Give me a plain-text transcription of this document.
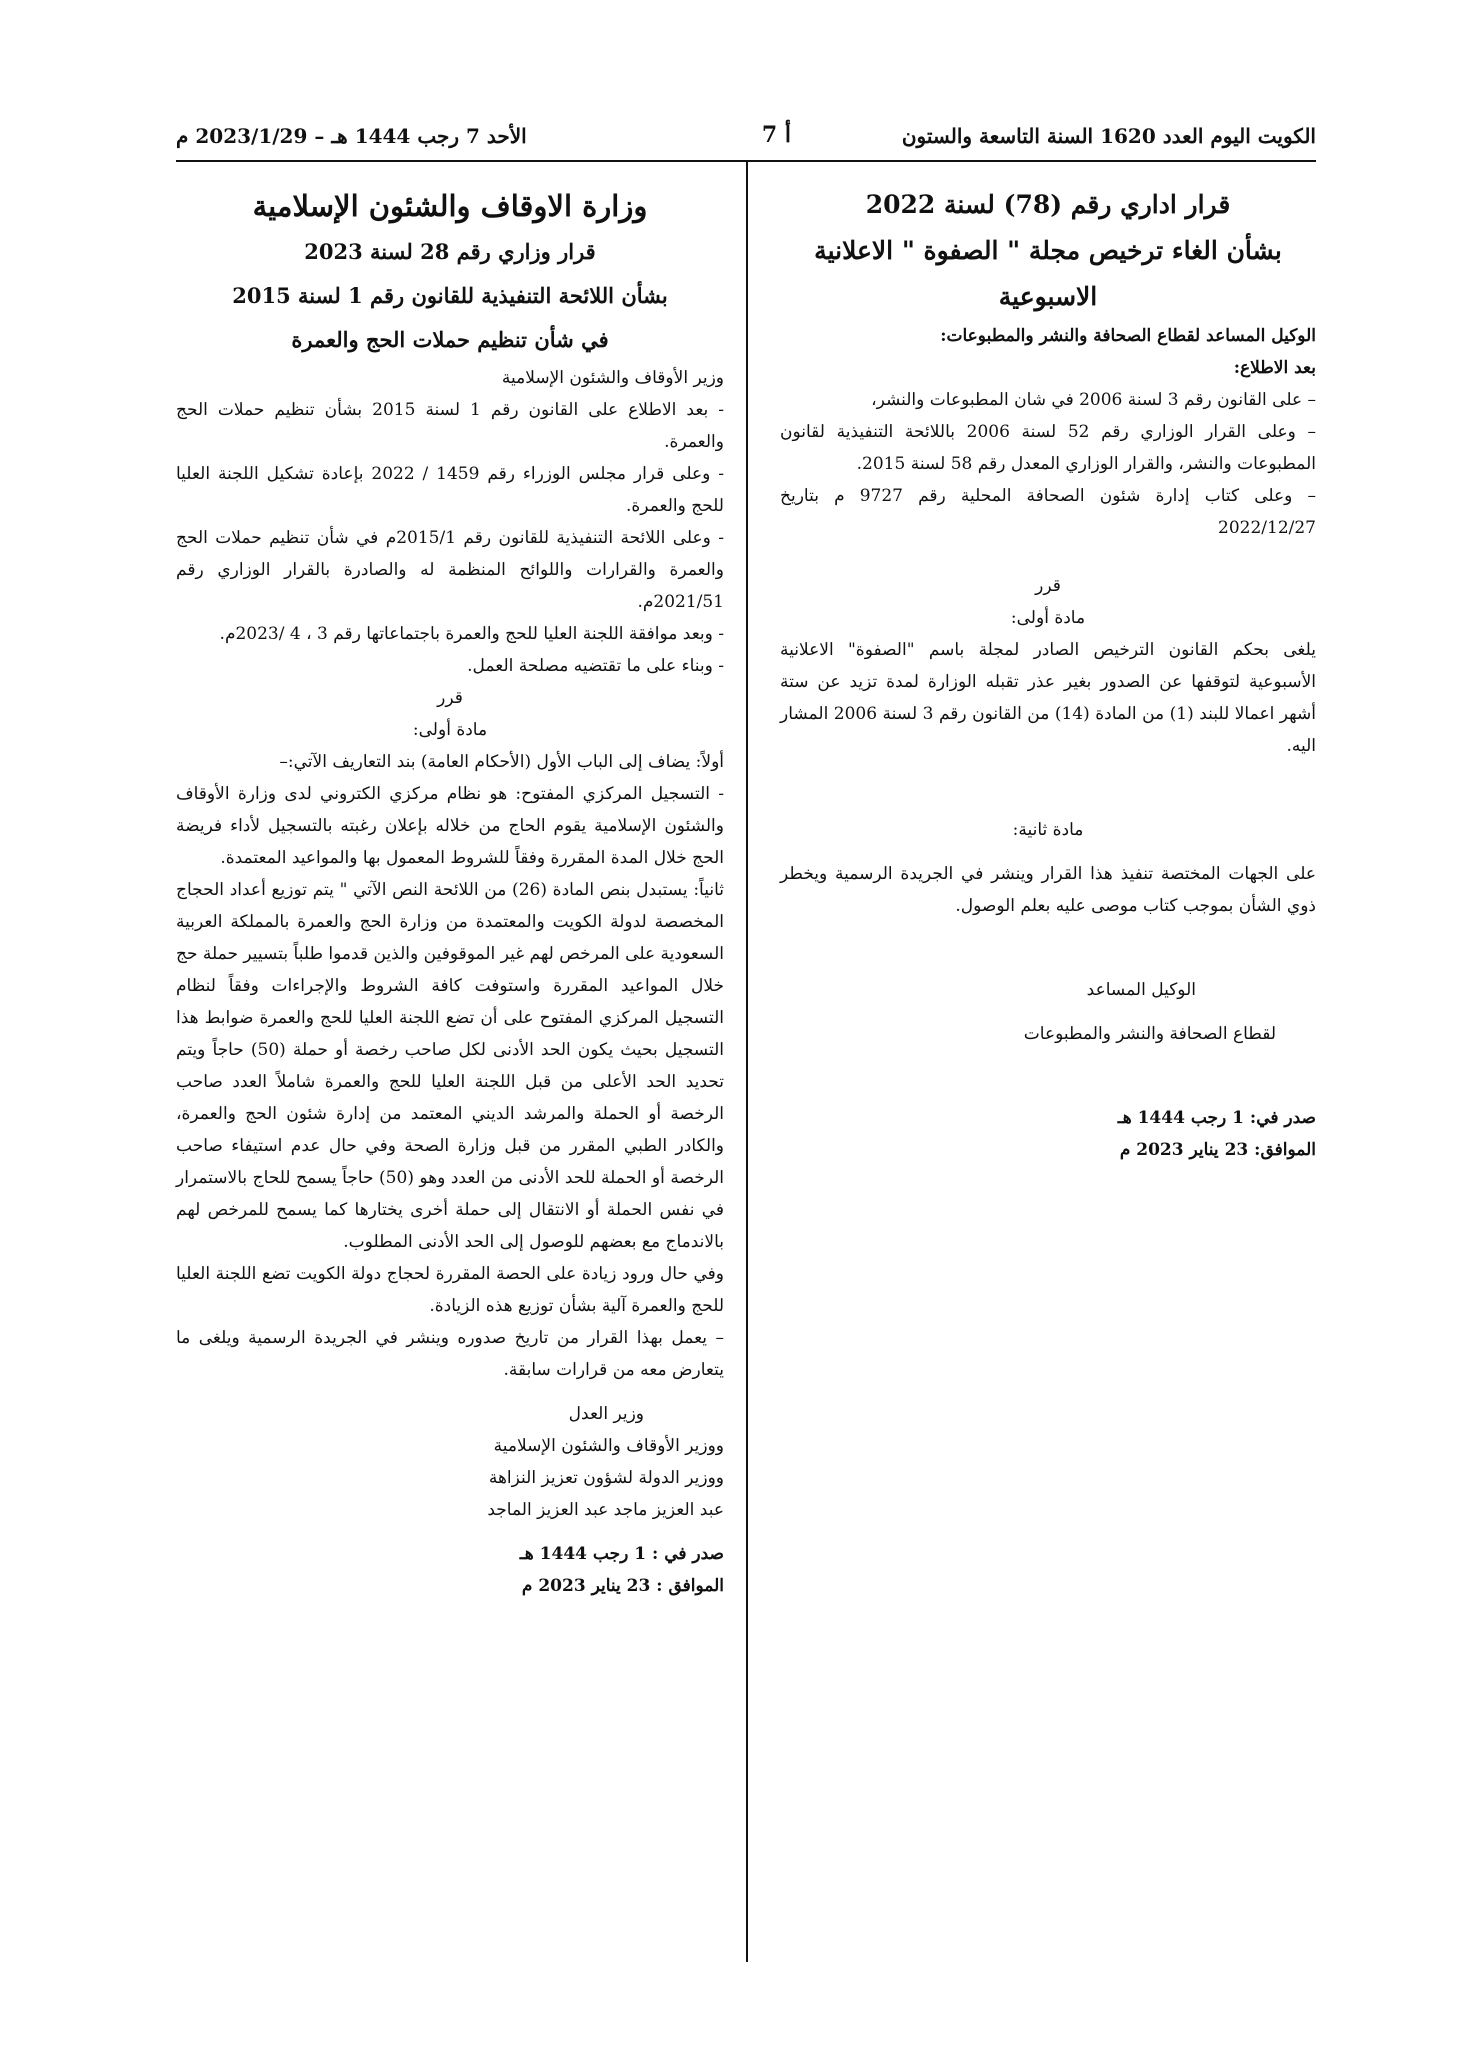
الكويت اليوم العدد 1620 السنة التاسعة والستون
أ 7
الأحد 7 رجب 1444 هـ – 2023/1/29 م

قرار اداري رقم (78) لسنة 2022

بشأن الغاء ترخيص مجلة " الصفوة " الاعلانية

الاسبوعية

الوكيل المساعد لقطاع الصحافة والنشر والمطبوعات:

بعد الاطلاع:

– على القانون رقم 3 لسنة 2006 في شان المطبوعات والنشر،

– وعلى القرار الوزاري رقم 52 لسنة 2006 باللائحة التنفيذية لقانون المطبوعات والنشر، والقرار الوزاري المعدل رقم 58 لسنة 2015.

– وعلى كتاب إدارة شئون الصحافة المحلية رقم 9727 م بتاريخ 2022/12/27

قرر

مادة أولى:

يلغى بحكم القانون الترخيص الصادر لمجلة باسم "الصفوة" الاعلانية الأسبوعية لتوقفها عن الصدور بغير عذر تقبله الوزارة لمدة تزيد عن ستة أشهر اعمالا للبند (1) من المادة (14) من القانون رقم 3 لسنة 2006 المشار اليه.

مادة ثانية:

على الجهات المختصة تنفيذ هذا القرار وينشر في الجريدة الرسمية ويخطر ذوي الشأن بموجب كتاب موصى عليه بعلم الوصول.

الوكيل المساعد

لقطاع الصحافة والنشر والمطبوعات

صدر في: 1 رجب 1444 هـ

الموافق: 23 يناير 2023 م

وزارة الاوقاف والشئون الإسلامية

قرار وزاري رقم 28 لسنة 2023

بشأن اللائحة التنفيذية للقانون رقم 1 لسنة 2015

في شأن تنظيم حملات الحج والعمرة

وزير الأوقاف والشئون الإسلامية

- بعد الاطلاع على القانون رقم 1 لسنة 2015 بشأن تنظيم حملات الحج والعمرة.

- وعلى قرار مجلس الوزراء رقم 1459 / 2022 بإعادة تشكيل اللجنة العليا للحج والعمرة.

- وعلى اللائحة التنفيذية للقانون رقم 2015/1م في شأن تنظيم حملات الحج والعمرة والقرارات واللوائح المنظمة له والصادرة بالقرار الوزاري رقم 2021/51م.

- وبعد موافقة اللجنة العليا للحج والعمرة باجتماعاتها رقم 3 ، 4 /2023م.

- وبناء على ما تقتضيه مصلحة العمل.

قرر

مادة أولى:

أولاً: يضاف إلى الباب الأول (الأحكام العامة) بند التعاريف الآتي:–

- التسجيل المركزي المفتوح: هو نظام مركزي الكتروني لدى وزارة الأوقاف والشئون الإسلامية يقوم الحاج من خلاله بإعلان رغبته بالتسجيل لأداء فريضة الحج خلال المدة المقررة وفقاً للشروط المعمول بها والمواعيد المعتمدة.

ثانياً: يستبدل بنص المادة (26) من اللائحة النص الآتي " يتم توزيع أعداد الحجاج المخصصة لدولة الكويت والمعتمدة من وزارة الحج والعمرة بالمملكة العربية السعودية على المرخص لهم غير الموقوفين والذين قدموا طلباً بتسيير حملة حج خلال المواعيد المقررة واستوفت كافة الشروط والإجراءات وفقاً لنظام التسجيل المركزي المفتوح على أن تضع اللجنة العليا للحج والعمرة ضوابط هذا التسجيل بحيث يكون الحد الأدنى لكل صاحب رخصة أو حملة (50) حاجاً ويتم تحديد الحد الأعلى من قبل اللجنة العليا للحج والعمرة شاملاً العدد صاحب الرخصة أو الحملة والمرشد الديني المعتمد من إدارة شئون الحج والعمرة، والكادر الطبي المقرر من قبل وزارة الصحة وفي حال عدم استيفاء صاحب الرخصة أو الحملة للحد الأدنى من العدد وهو (50) حاجاً يسمح للحاج بالاستمرار في نفس الحملة أو الانتقال إلى حملة أخرى يختارها كما يسمح للمرخص لهم بالاندماج مع بعضهم للوصول إلى الحد الأدنى المطلوب.

وفي حال ورود زيادة على الحصة المقررة لحجاج دولة الكويت تضع اللجنة العليا للحج والعمرة آلية بشأن توزيع هذه الزيادة.

– يعمل بهذا القرار من تاريخ صدوره وينشر في الجريدة الرسمية ويلغى ما يتعارض معه من قرارات سابقة.

وزير العدل

ووزير الأوقاف والشئون الإسلامية

ووزير الدولة لشؤون تعزيز النزاهة

عبد العزيز ماجد عبد العزيز الماجد

صدر في : 1 رجب 1444 هـ

الموافق : 23 يناير 2023 م
